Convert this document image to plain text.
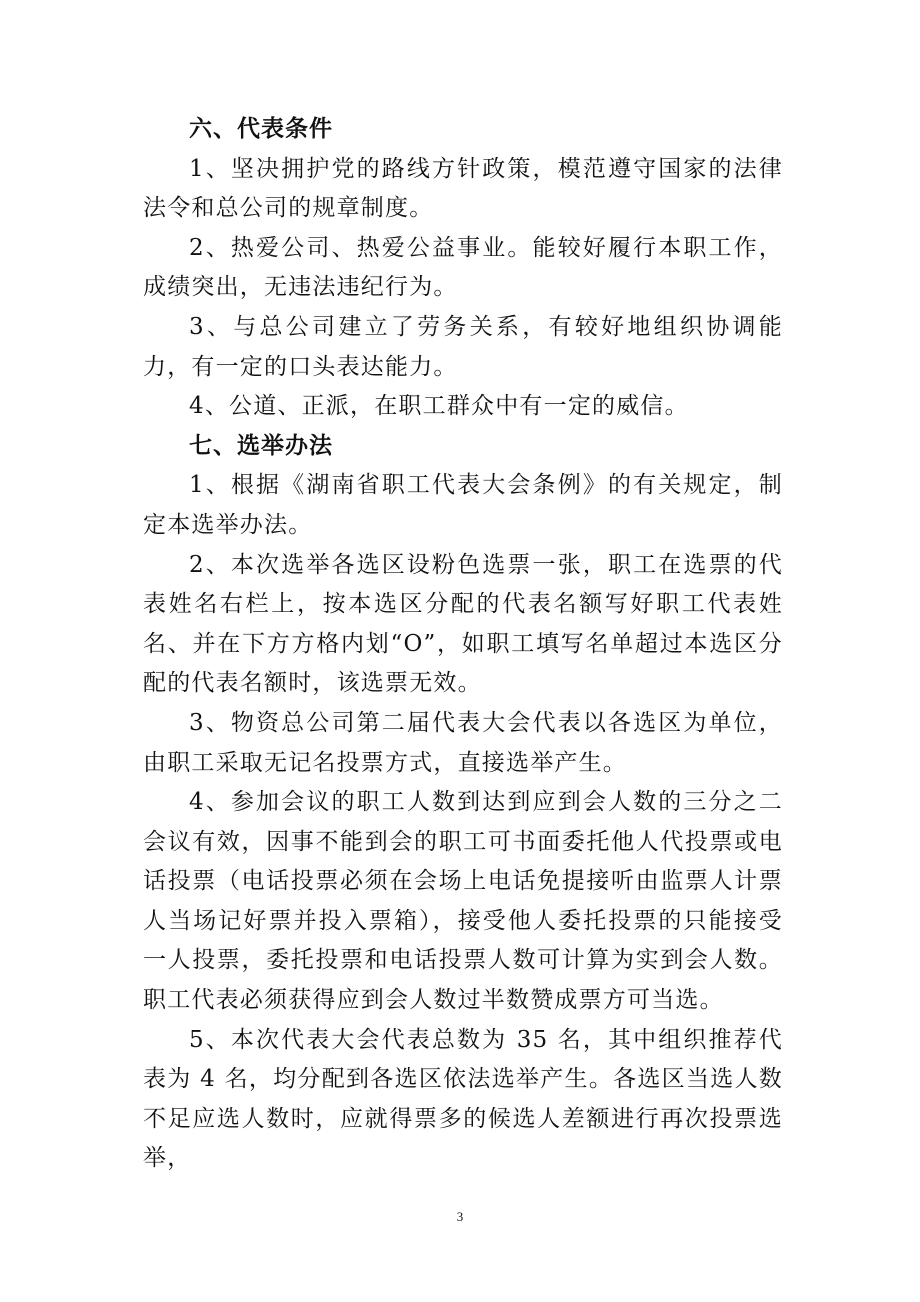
六、代表条件

1、坚决拥护党的路线方针政策，模范遵守国家的法律法令和总公司的规章制度。

2、热爱公司、热爱公益事业。能较好履行本职工作，成绩突出，无违法违纪行为。

3、与总公司建立了劳务关系，有较好地组织协调能力，有一定的口头表达能力。

4、公道、正派，在职工群众中有一定的威信。

七、选举办法

1、根据《湖南省职工代表大会条例》的有关规定，制定本选举办法。

2、本次选举各选区设粉色选票一张，职工在选票的代表姓名右栏上，按本选区分配的代表名额写好职工代表姓名、并在下方方格内划“O”，如职工填写名单超过本选区分配的代表名额时，该选票无效。

3、物资总公司第二届代表大会代表以各选区为单位，由职工采取无记名投票方式，直接选举产生。

4、参加会议的职工人数到达到应到会人数的三分之二会议有效，因事不能到会的职工可书面委托他人代投票或电话投票（电话投票必须在会场上电话免提接听由监票人计票人当场记好票并投入票箱），接受他人委托投票的只能接受一人投票，委托投票和电话投票人数可计算为实到会人数。职工代表必须获得应到会人数过半数赞成票方可当选。

5、本次代表大会代表总数为 35 名，其中组织推荐代表为 4 名，均分配到各选区依法选举产生。各选区当选人数不足应选人数时，应就得票多的候选人差额进行再次投票选举，

3
